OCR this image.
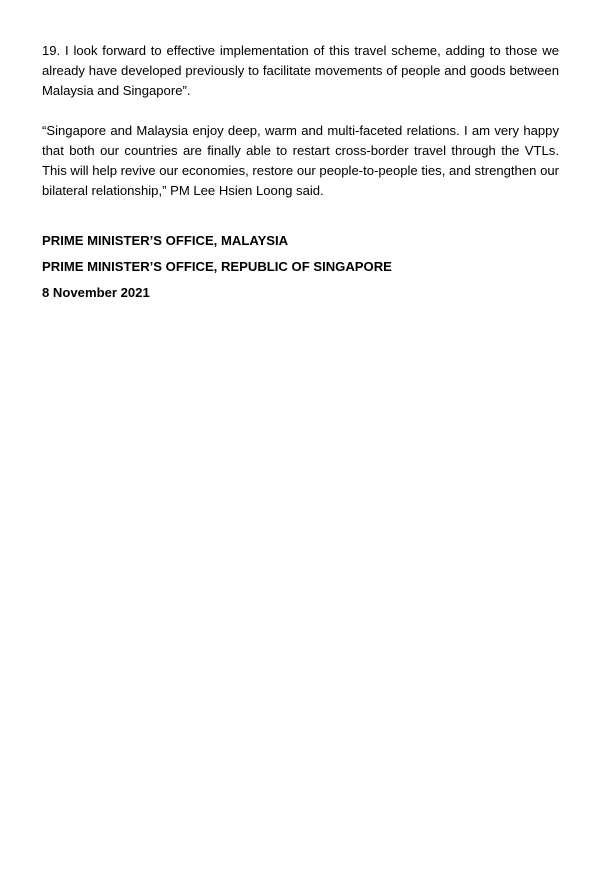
19. I look forward to effective implementation of this travel scheme, adding to those we already have developed previously to facilitate movements of people and goods between Malaysia and Singapore”.

“Singapore and Malaysia enjoy deep, warm and multi-faceted relations. I am very happy that both our countries are finally able to restart cross-border travel through the VTLs. This will help revive our economies, restore our people-to-people ties, and strengthen our bilateral relationship,” PM Lee Hsien Loong said.

PRIME MINISTER’S OFFICE, MALAYSIA

PRIME MINISTER’S OFFICE, REPUBLIC OF SINGAPORE

8 November 2021
